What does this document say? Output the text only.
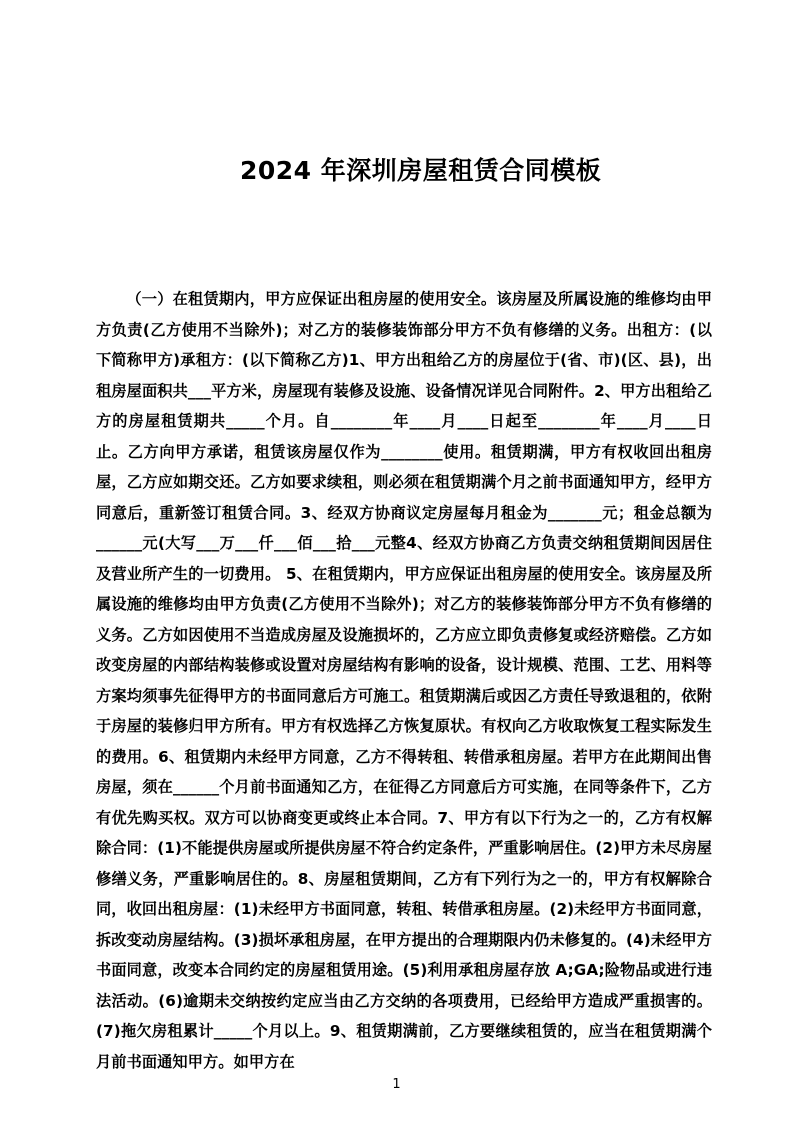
2024 年深圳房屋租赁合同模板

（一）在租赁期内，甲方应保证出租房屋的使用安全。该房屋及所属设施的维修均由甲方负责(乙方使用不当除外)；对乙方的装修装饰部分甲方不负有修缮的义务。出租方：(以下简称甲方)承租方：(以下简称乙方)1、甲方出租给乙方的房屋位于(省、市)(区、县)，出租房屋面积共___平方米，房屋现有装修及设施、设备情况详见合同附件。2、甲方出租给乙方的房屋租赁期共_____个月。自________年____月____日起至________年____月____日止。乙方向甲方承诺，租赁该房屋仅作为________使用。租赁期满，甲方有权收回出租房屋，乙方应如期交还。乙方如要求续租，则必须在租赁期满个月之前书面通知甲方，经甲方同意后，重新签订租赁合同。3、经双方协商议定房屋每月租金为_______元；租金总额为______元(大写___万___仟___佰___拾___元整4、经双方协商乙方负责交纳租赁期间因居住及营业所产生的一切费用。 5、在租赁期内，甲方应保证出租房屋的使用安全。该房屋及所属设施的维修均由甲方负责(乙方使用不当除外)；对乙方的装修装饰部分甲方不负有修缮的义务。乙方如因使用不当造成房屋及设施损坏的，乙方应立即负责修复或经济赔偿。乙方如改变房屋的内部结构装修或设置对房屋结构有影响的设备，设计规模、范围、工艺、用料等方案均须事先征得甲方的书面同意后方可施工。租赁期满后或因乙方责任导致退租的，依附于房屋的装修归甲方所有。甲方有权选择乙方恢复原状。有权向乙方收取恢复工程实际发生的费用。6、租赁期内未经甲方同意，乙方不得转租、转借承租房屋。若甲方在此期间出售房屋，须在______个月前书面通知乙方，在征得乙方同意后方可实施，在同等条件下，乙方有优先购买权。双方可以协商变更或终止本合同。7、甲方有以下行为之一的，乙方有权解除合同：(1)不能提供房屋或所提供房屋不符合约定条件，严重影响居住。(2)甲方未尽房屋修缮义务，严重影响居住的。8、房屋租赁期间，乙方有下列行为之一的，甲方有权解除合同，收回出租房屋：(1)未经甲方书面同意，转租、转借承租房屋。(2)未经甲方书面同意，拆改变动房屋结构。(3)损坏承租房屋，在甲方提出的合理期限内仍未修复的。(4)未经甲方书面同意，改变本合同约定的房屋租赁用途。(5)利用承租房屋存放 A;GA;险物品或进行违法活动。(6)逾期未交纳按约定应当由乙方交纳的各项费用，已经给甲方造成严重损害的。(7)拖欠房租累计_____个月以上。9、租赁期满前，乙方要继续租赁的，应当在租赁期满个月前书面通知甲方。如甲方在

1
